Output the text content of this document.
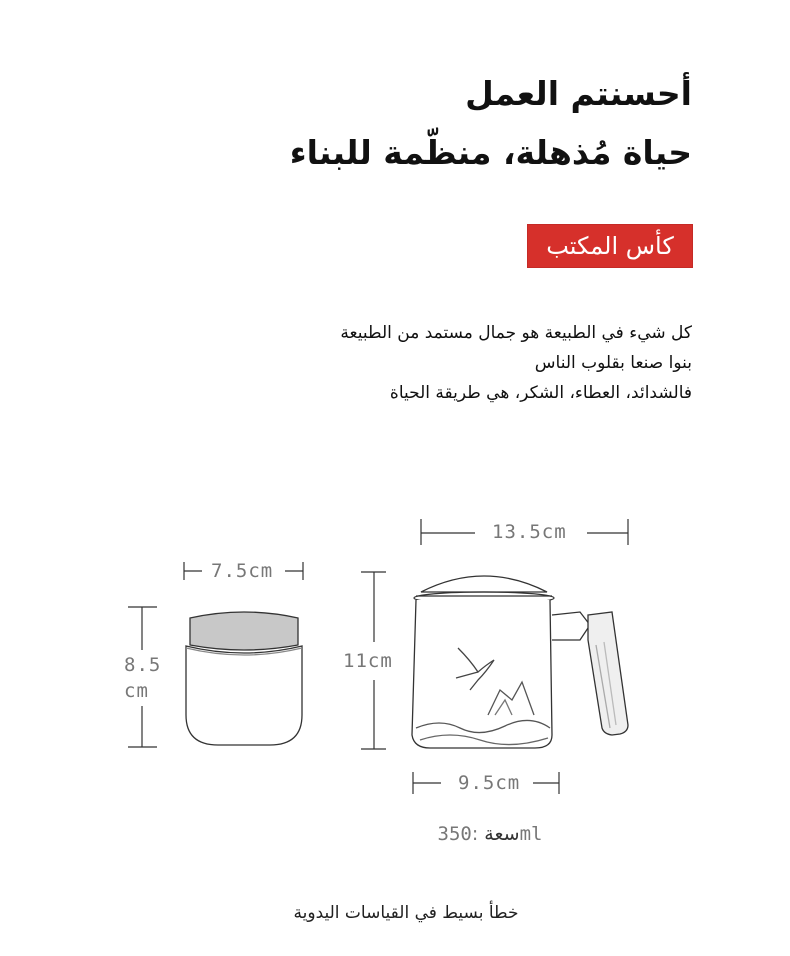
أحسنتم العمل
حياة مُذهلة، منظّمة للبناء
كأس المكتب
كل شيء في الطبيعة هو جمال مستمد من الطبيعة
بنوا صنعا بقلوب الناس
فالشدائد، العطاء، الشكر، هي طريقة الحياة
7.5cm
8.5
cm
11cm
13.5cm
9.5cm
سعة :350ml
خطأ بسيط في القياسات اليدوية
